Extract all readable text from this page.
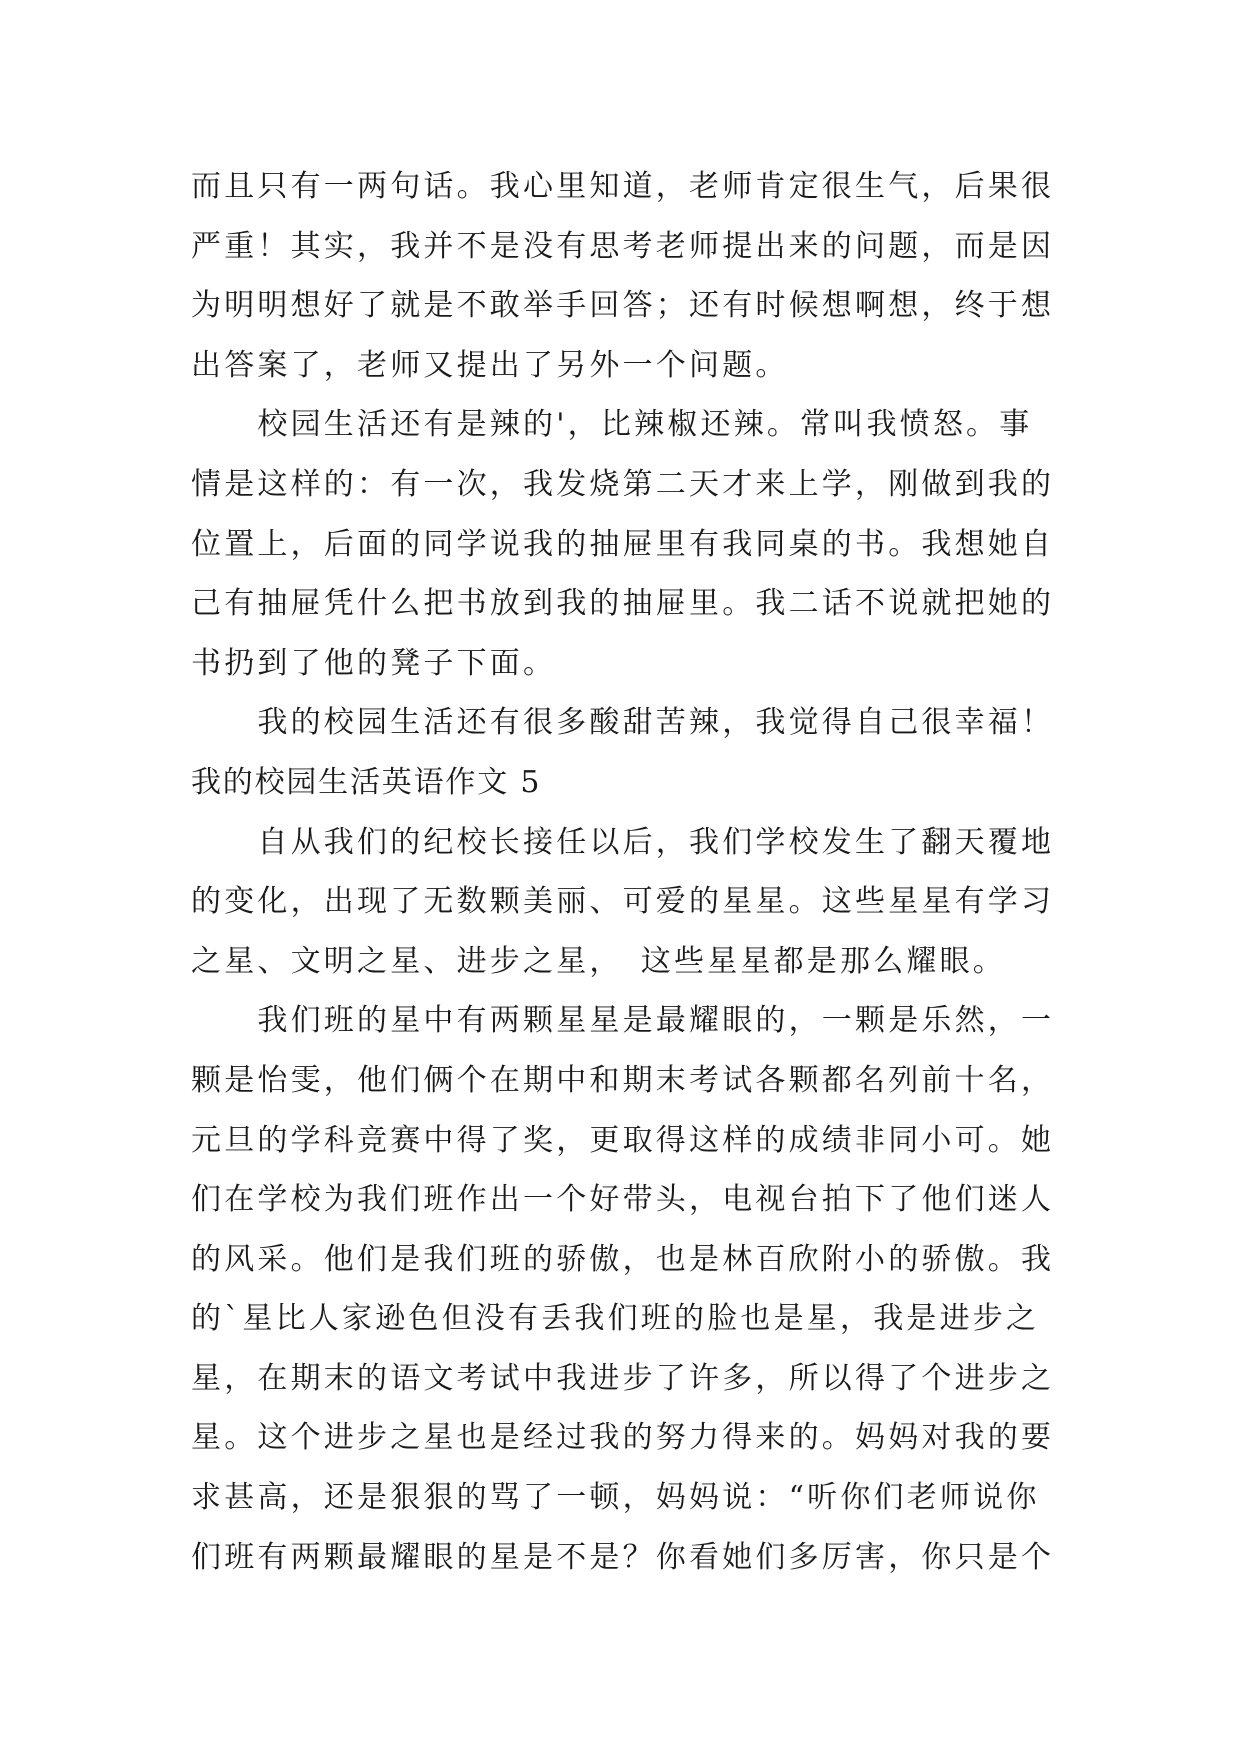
而且只有一两句话。我心里知道，老师肯定很生气，后果很
严重！其实，我并不是没有思考老师提出来的问题，而是因
为明明想好了就是不敢举手回答；还有时候想啊想，终于想
出答案了，老师又提出了另外一个问题。
　　校园生活还有是辣的'，比辣椒还辣。常叫我愤怒。事
情是这样的：有一次，我发烧第二天才来上学，刚做到我的
位置上，后面的同学说我的抽屉里有我同桌的书。我想她自
己有抽屉凭什么把书放到我的抽屉里。我二话不说就把她的
书扔到了他的凳子下面。
　　我的校园生活还有很多酸甜苦辣，我觉得自己很幸福！
我的校园生活英语作文 5
　　自从我们的纪校长接任以后，我们学校发生了翻天覆地
的变化，出现了无数颗美丽、可爱的星星。这些星星有学习
之星、文明之星、进步之星，　这些星星都是那么耀眼。
　　我们班的星中有两颗星星是最耀眼的，一颗是乐然，一
颗是怡雯，他们俩个在期中和期末考试各颗都名列前十名，
元旦的学科竞赛中得了奖，更取得这样的成绩非同小可。她
们在学校为我们班作出一个好带头，电视台拍下了他们迷人
的风采。他们是我们班的骄傲，也是林百欣附小的骄傲。我
的`星比人家逊色但没有丢我们班的脸也是星，我是进步之
星，在期末的语文考试中我进步了许多，所以得了个进步之
星。这个进步之星也是经过我的努力得来的。妈妈对我的要
求甚高，还是狠狠的骂了一顿，妈妈说：“听你们老师说你
们班有两颗最耀眼的星是不是？你看她们多厉害，你只是个
